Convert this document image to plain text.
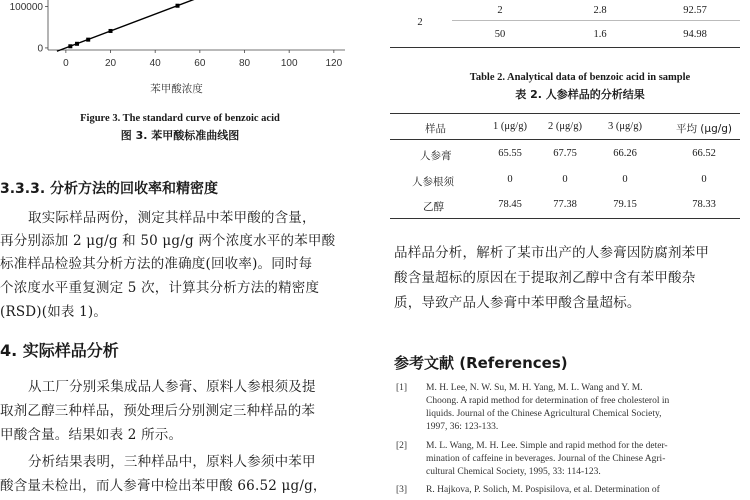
0	20	40	60	80	100	120
0
100000
苯甲酸浓度
Figure 3. The standard curve of benzoic acid
图 3. 苯甲酸标准曲线图
3.3.3. 分析方法的回收率和精密度
取实际样品两份，测定其样品中苯甲酸的含量，
再分别添加 2 μg/g 和 50 μg/g 两个浓度水平的苯甲酸
标准样品检验其分析方法的准确度(回收率)。同时每
个浓度水平重复测定 5 次，计算其分析方法的精密度
(RSD)(如表 1)。
4. 实际样品分析
从工厂分别采集成品人参膏、原料人参根须及提
取剂乙醇三种样品，预处理后分别测定三种样品的苯
甲酸含量。结果如表 2 所示。
分析结果表明，三种样品中，原料人参须中苯甲
酸含量未检出，而人参膏中检出苯甲酸 66.52 μg/g，
2
2	2.8	92.57
50	1.6	94.98
Table 2. Analytical data of benzoic acid in sample
表 2. 人参样品的分析结果
样品	1 (μg/g)	2 (μg/g)	3 (μg/g)	平均 (μg/g)
人参膏	65.55	67.75	66.26	66.52
人参根须	0	0	0	0
乙醇	78.45	77.38	79.15	78.33
品样品分析，解析了某市出产的人参膏因防腐剂苯甲
酸含量超标的原因在于提取剂乙醇中含有苯甲酸杂
质，导致产品人参膏中苯甲酸含量超标。
参考文献 (References)
[1] M. H. Lee, N. W. Su, M. H. Yang, M. L. Wang and Y. M.
Choong. A rapid method for determination of free cholesterol in
liquids. Journal of the Chinese Agricultural Chemical Society,
1997, 36: 123-133.
[2] M. L. Wang, M. H. Lee. Simple and rapid method for the deter-
mination of caffeine in beverages. Journal of the Chinese Agri-
cultural Chemical Society, 1995, 33: 114-123.
[3] R. Hajkova, P. Solich, M. Pospisilova, et al. Determination of
